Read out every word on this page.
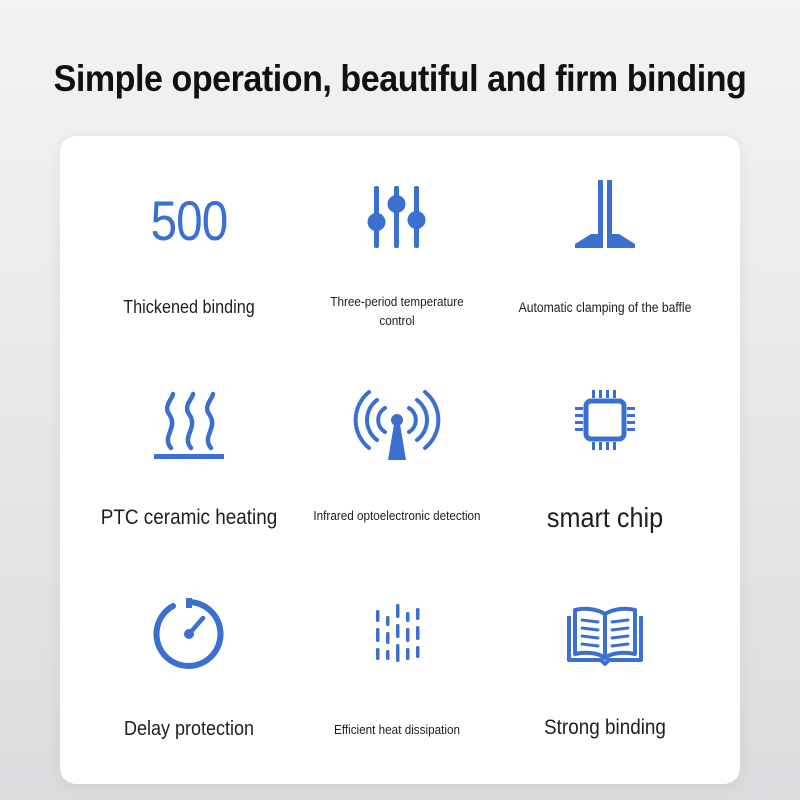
Simple operation, beautiful and firm binding
500
Thickened binding	Three-period temperature control
Automatic clamping of the baffle
PTC ceramic heating	Infrared optoelectronic detection	smart chip
Delay protection	Efficient heat dissipation	Strong binding
